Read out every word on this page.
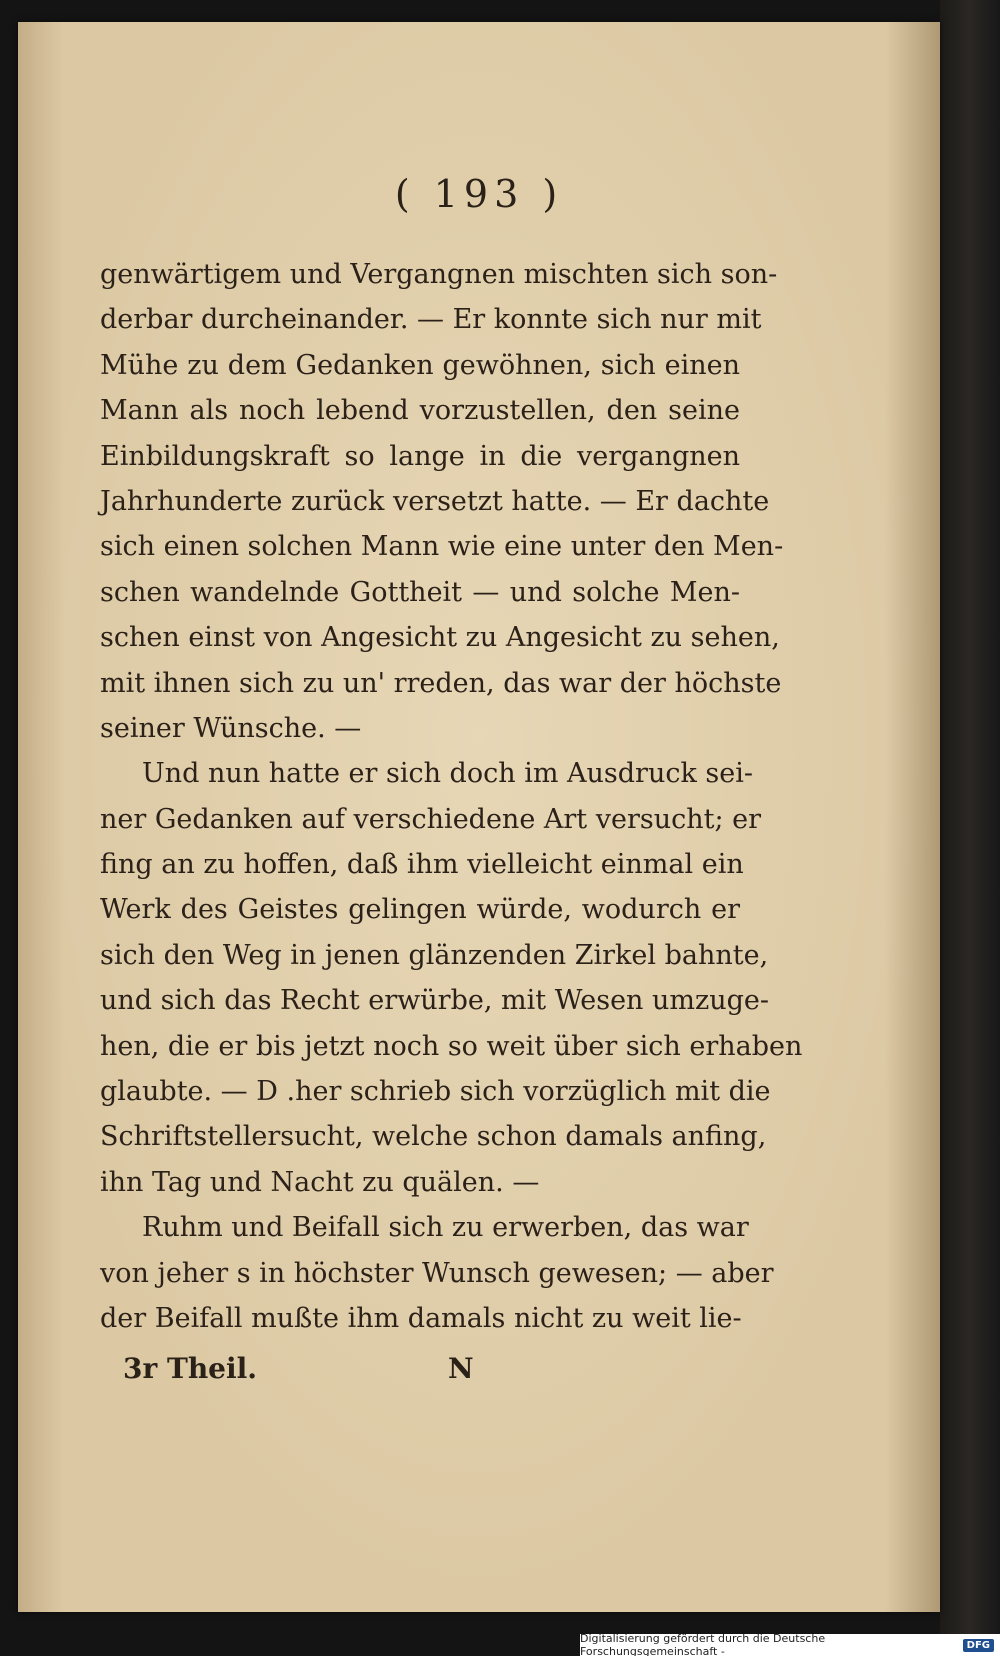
( 193 )
genwärtigem und Vergangnen mischten sich son-
derbar durcheinander. — Er konnte sich nur mit
Mühe zu dem Gedanken gewöhnen, sich einen
Mann als noch lebend vorzustellen, den seine
Einbildungskraft so lange in die vergangnen
Jahrhunderte zurück versetzt hatte. — Er dachte
sich einen solchen Mann wie eine unter den Men-
schen wandelnde Gottheit — und solche Men-
schen einst von Angesicht zu Angesicht zu sehen,
mit ihnen sich zu un' rreden, das war der höchste
seiner Wünsche. —
Und nun hatte er sich doch im Ausdruck sei-
ner Gedanken auf verschiedene Art versucht; er
fing an zu hoffen, daß ihm vielleicht einmal ein
Werk des Geistes gelingen würde, wodurch er
sich den Weg in jenen glänzenden Zirkel bahnte,
und sich das Recht erwürbe, mit Wesen umzuge-
hen, die er bis jetzt noch so weit über sich erhaben
glaubte. — D .her schrieb sich vorzüglich mit die
Schriftstellersucht, welche schon damals anfing,
ihn Tag und Nacht zu quälen. —
Ruhm und Beifall sich zu erwerben, das war
von jeher s in höchster Wunsch gewesen; — aber
der Beifall mußte ihm damals nicht zu weit lie-
3r Theil.	N
Digitalisierung gefördert durch die Deutsche Forschungsgemeinschaft -	DFG
